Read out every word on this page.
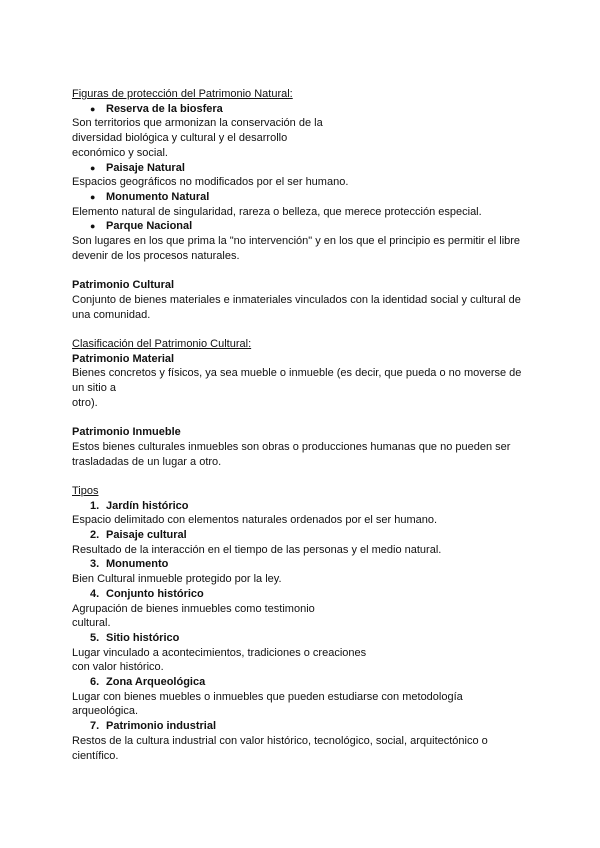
Figuras de protección del Patrimonio Natural:

● Reserva de la biosfera

Son territorios que armonizan la conservación de la

diversidad biológica y cultural y el desarrollo

económico y social.

● Paisaje Natural

Espacios geográficos no modificados por el ser humano.

● Monumento Natural

Elemento natural de singularidad, rareza o belleza, que merece protección especial.

● Parque Nacional

Son lugares en los que prima la "no intervención" y en los que el principio es permitir el libre

devenir de los procesos naturales.

Patrimonio Cultural

Conjunto de bienes materiales e inmateriales vinculados con la identidad social y cultural de

una comunidad.

Clasificación del Patrimonio Cultural:

Patrimonio Material

Bienes concretos y físicos, ya sea mueble o inmueble (es decir, que pueda o no moverse de

un sitio a

otro).

Patrimonio Inmueble

Estos bienes culturales inmuebles son obras o producciones humanas que no pueden ser

trasladadas de un lugar a otro.

Tipos

1. Jardín histórico

Espacio delimitado con elementos naturales ordenados por el ser humano.

2. Paisaje cultural

Resultado de la interacción en el tiempo de las personas y el medio natural.

3. Monumento

Bien Cultural inmueble protegido por la ley.

4. Conjunto histórico

Agrupación de bienes inmuebles como testimonio

cultural.

5. Sitio histórico

Lugar vinculado a acontecimientos, tradiciones o creaciones

con valor histórico.

6. Zona Arqueológica

Lugar con bienes muebles o inmuebles que pueden estudiarse con metodología

arqueológica.

7. Patrimonio industrial

Restos de la cultura industrial con valor histórico, tecnológico, social, arquitectónico o

científico.
